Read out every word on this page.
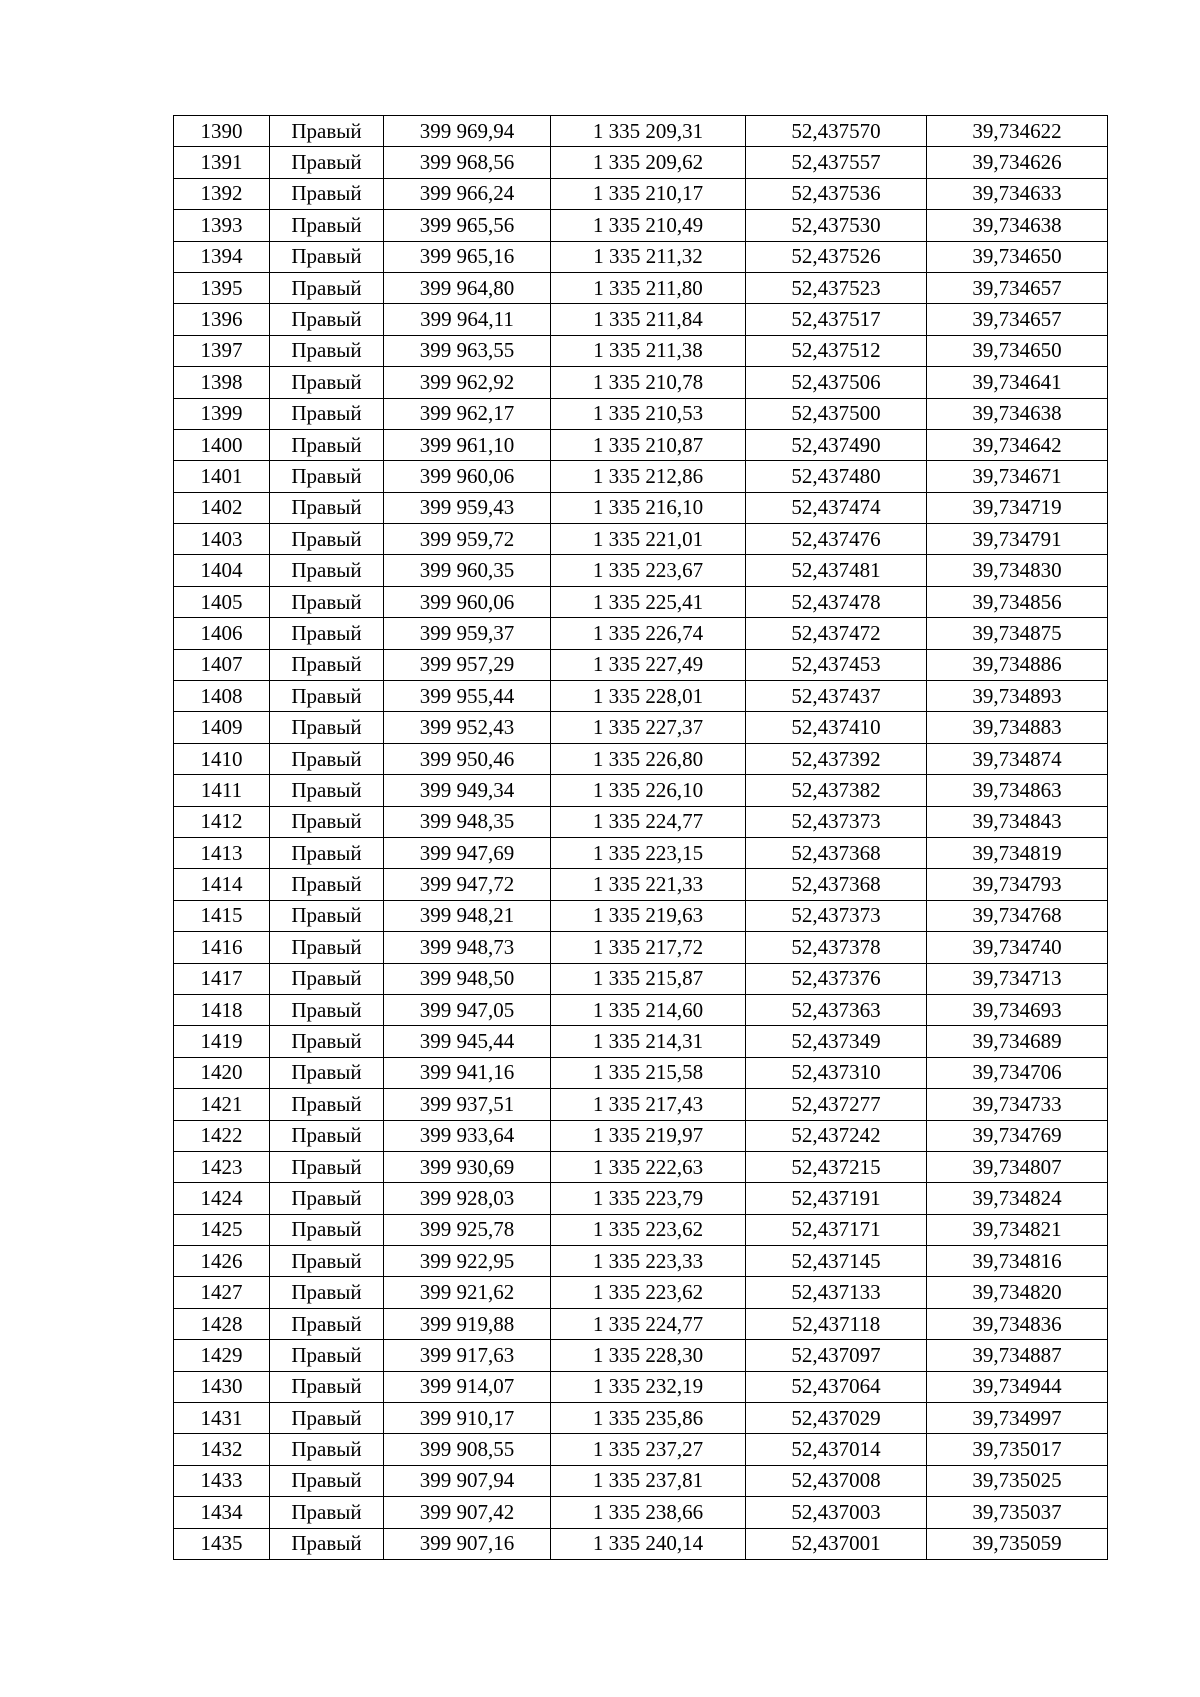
1390	Правый	399 969,94	1 335 209,31	52,437570	39,734622
1391	Правый	399 968,56	1 335 209,62	52,437557	39,734626
1392	Правый	399 966,24	1 335 210,17	52,437536	39,734633
1393	Правый	399 965,56	1 335 210,49	52,437530	39,734638
1394	Правый	399 965,16	1 335 211,32	52,437526	39,734650
1395	Правый	399 964,80	1 335 211,80	52,437523	39,734657
1396	Правый	399 964,11	1 335 211,84	52,437517	39,734657
1397	Правый	399 963,55	1 335 211,38	52,437512	39,734650
1398	Правый	399 962,92	1 335 210,78	52,437506	39,734641
1399	Правый	399 962,17	1 335 210,53	52,437500	39,734638
1400	Правый	399 961,10	1 335 210,87	52,437490	39,734642
1401	Правый	399 960,06	1 335 212,86	52,437480	39,734671
1402	Правый	399 959,43	1 335 216,10	52,437474	39,734719
1403	Правый	399 959,72	1 335 221,01	52,437476	39,734791
1404	Правый	399 960,35	1 335 223,67	52,437481	39,734830
1405	Правый	399 960,06	1 335 225,41	52,437478	39,734856
1406	Правый	399 959,37	1 335 226,74	52,437472	39,734875
1407	Правый	399 957,29	1 335 227,49	52,437453	39,734886
1408	Правый	399 955,44	1 335 228,01	52,437437	39,734893
1409	Правый	399 952,43	1 335 227,37	52,437410	39,734883
1410	Правый	399 950,46	1 335 226,80	52,437392	39,734874
1411	Правый	399 949,34	1 335 226,10	52,437382	39,734863
1412	Правый	399 948,35	1 335 224,77	52,437373	39,734843
1413	Правый	399 947,69	1 335 223,15	52,437368	39,734819
1414	Правый	399 947,72	1 335 221,33	52,437368	39,734793
1415	Правый	399 948,21	1 335 219,63	52,437373	39,734768
1416	Правый	399 948,73	1 335 217,72	52,437378	39,734740
1417	Правый	399 948,50	1 335 215,87	52,437376	39,734713
1418	Правый	399 947,05	1 335 214,60	52,437363	39,734693
1419	Правый	399 945,44	1 335 214,31	52,437349	39,734689
1420	Правый	399 941,16	1 335 215,58	52,437310	39,734706
1421	Правый	399 937,51	1 335 217,43	52,437277	39,734733
1422	Правый	399 933,64	1 335 219,97	52,437242	39,734769
1423	Правый	399 930,69	1 335 222,63	52,437215	39,734807
1424	Правый	399 928,03	1 335 223,79	52,437191	39,734824
1425	Правый	399 925,78	1 335 223,62	52,437171	39,734821
1426	Правый	399 922,95	1 335 223,33	52,437145	39,734816
1427	Правый	399 921,62	1 335 223,62	52,437133	39,734820
1428	Правый	399 919,88	1 335 224,77	52,437118	39,734836
1429	Правый	399 917,63	1 335 228,30	52,437097	39,734887
1430	Правый	399 914,07	1 335 232,19	52,437064	39,734944
1431	Правый	399 910,17	1 335 235,86	52,437029	39,734997
1432	Правый	399 908,55	1 335 237,27	52,437014	39,735017
1433	Правый	399 907,94	1 335 237,81	52,437008	39,735025
1434	Правый	399 907,42	1 335 238,66	52,437003	39,735037
1435	Правый	399 907,16	1 335 240,14	52,437001	39,735059
